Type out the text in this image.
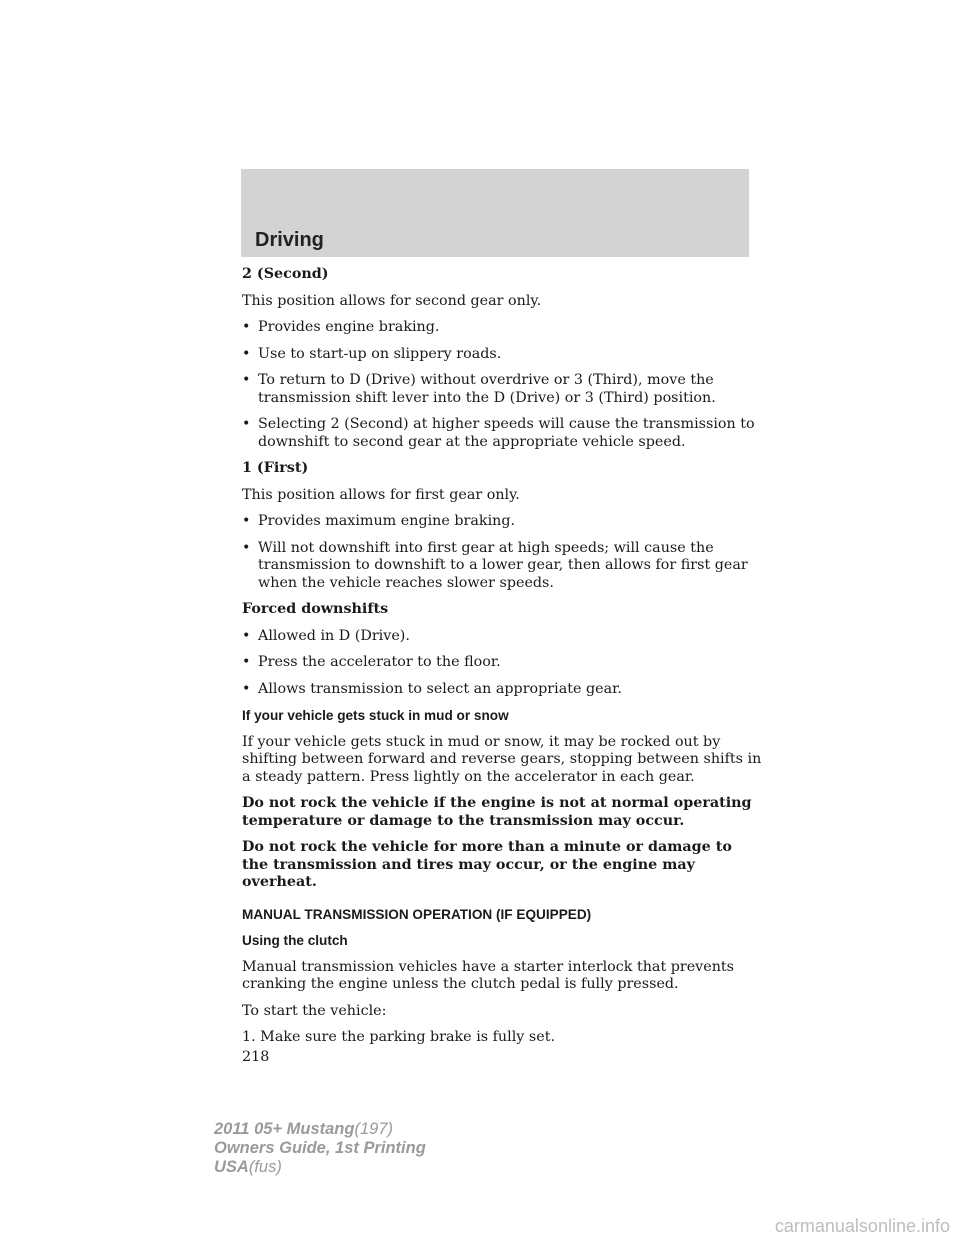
Driving

2 (Second)

This position allows for second gear only.

• Provides engine braking.
• Use to start-up on slippery roads.
• To return to D (Drive) without overdrive or 3 (Third), move the transmission shift lever into the D (Drive) or 3 (Third) position.
• Selecting 2 (Second) at higher speeds will cause the transmission to downshift to second gear at the appropriate vehicle speed.

1 (First)

This position allows for first gear only.

• Provides maximum engine braking.
• Will not downshift into first gear at high speeds; will cause the transmission to downshift to a lower gear, then allows for first gear when the vehicle reaches slower speeds.

Forced downshifts

• Allowed in D (Drive).
• Press the accelerator to the floor.
• Allows transmission to select an appropriate gear.

If your vehicle gets stuck in mud or snow

If your vehicle gets stuck in mud or snow, it may be rocked out by shifting between forward and reverse gears, stopping between shifts in a steady pattern. Press lightly on the accelerator in each gear.

Do not rock the vehicle if the engine is not at normal operating temperature or damage to the transmission may occur.

Do not rock the vehicle for more than a minute or damage to the transmission and tires may occur, or the engine may overheat.

MANUAL TRANSMISSION OPERATION (IF EQUIPPED)

Using the clutch

Manual transmission vehicles have a starter interlock that prevents cranking the engine unless the clutch pedal is fully pressed.

To start the vehicle:

1. Make sure the parking brake is fully set.

218

2011 05+ Mustang(197)
Owners Guide, 1st Printing
USA(fus)
carmanualsonline.info
